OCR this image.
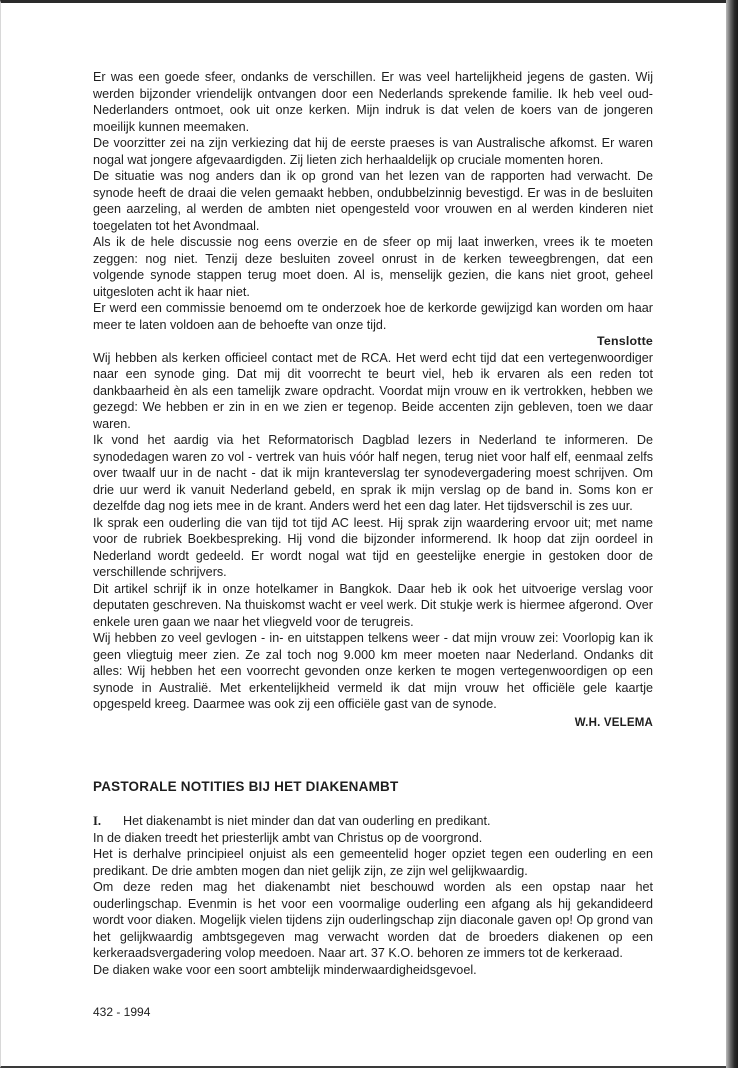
Er was een goede sfeer, ondanks de verschillen. Er was veel hartelijkheid jegens de gasten. Wij werden bijzonder vriendelijk ontvangen door een Nederlands sprekende familie. Ik heb veel oud-Nederlanders ontmoet, ook uit onze kerken. Mijn indruk is dat velen de koers van de jongeren moeilijk kunnen meemaken.

De voorzitter zei na zijn verkiezing dat hij de eerste praeses is van Australische afkomst. Er waren nogal wat jongere afgevaardigden. Zij lieten zich herhaaldelijk op cruciale momenten horen.

De situatie was nog anders dan ik op grond van het lezen van de rapporten had verwacht. De synode heeft de draai die velen gemaakt hebben, ondubbelzinnig bevestigd. Er was in de besluiten geen aarzeling, al werden de ambten niet opengesteld voor vrouwen en al werden kinderen niet toegelaten tot het Avondmaal.

Als ik de hele discussie nog eens overzie en de sfeer op mij laat inwerken, vrees ik te moeten zeggen: nog niet. Tenzij deze besluiten zoveel onrust in de kerken teweegbrengen, dat een volgende synode stappen terug moet doen. Al is, menselijk gezien, die kans niet groot, geheel uitgesloten acht ik haar niet.

Er werd een commissie benoemd om te onderzoek hoe de kerkorde gewijzigd kan worden om haar meer te laten voldoen aan de behoefte van onze tijd.

Tenslotte

Wij hebben als kerken officieel contact met de RCA. Het werd echt tijd dat een vertegenwoordiger naar een synode ging. Dat mij dit voorrecht te beurt viel, heb ik ervaren als een reden tot dankbaarheid èn als een tamelijk zware opdracht. Voordat mijn vrouw en ik vertrokken, hebben we gezegd: We hebben er zin in en we zien er tegenop. Beide accenten zijn gebleven, toen we daar waren.

Ik vond het aardig via het Reformatorisch Dagblad lezers in Nederland te informeren. De synodedagen waren zo vol - vertrek van huis vóór half negen, terug niet voor half elf, eenmaal zelfs over twaalf uur in de nacht - dat ik mijn kranteverslag ter synodevergadering moest schrijven. Om drie uur werd ik vanuit Nederland gebeld, en sprak ik mijn verslag op de band in. Soms kon er dezelfde dag nog iets mee in de krant. Anders werd het een dag later. Het tijdsverschil is zes uur.

Ik sprak een ouderling die van tijd tot tijd AC leest. Hij sprak zijn waardering ervoor uit; met name voor de rubriek Boekbespreking. Hij vond die bijzonder informerend. Ik hoop dat zijn oordeel in Nederland wordt gedeeld. Er wordt nogal wat tijd en geestelijke energie in gestoken door de verschillende schrijvers.

Dit artikel schrijf ik in onze hotelkamer in Bangkok. Daar heb ik ook het uitvoerige verslag voor deputaten geschreven. Na thuiskomst wacht er veel werk. Dit stukje werk is hiermee afgerond. Over enkele uren gaan we naar het vliegveld voor de terugreis.

Wij hebben zo veel gevlogen - in- en uitstappen telkens weer - dat mijn vrouw zei: Voorlopig kan ik geen vliegtuig meer zien. Ze zal toch nog 9.000 km meer moeten naar Nederland. Ondanks dit alles: Wij hebben het een voorrecht gevonden onze kerken te mogen vertegenwoordigen op een synode in Australië. Met erkentelijkheid vermeld ik dat mijn vrouw het officiële gele kaartje opgespeld kreeg. Daarmee was ook zij een officiële gast van de synode.

W.H. VELEMA

PASTORALE NOTITIES BIJ HET DIAKENAMBT

I. Het diakenambt is niet minder dan dat van ouderling en predikant.

In de diaken treedt het priesterlijk ambt van Christus op de voorgrond.

Het is derhalve principieel onjuist als een gemeentelid hoger opziet tegen een ouderling en een predikant. De drie ambten mogen dan niet gelijk zijn, ze zijn wel gelijkwaardig.

Om deze reden mag het diakenambt niet beschouwd worden als een opstap naar het ouderlingschap. Evenmin is het voor een voormalige ouderling een afgang als hij gekandideerd wordt voor diaken. Mogelijk vielen tijdens zijn ouderlingschap zijn diaconale gaven op! Op grond van het gelijkwaardig ambtsgegeven mag verwacht worden dat de broeders diakenen op een kerkeraadsvergadering volop meedoen. Naar art. 37 K.O. behoren ze immers tot de kerkeraad.

De diaken wake voor een soort ambtelijk minderwaardigheidsgevoel.

432 - 1994
